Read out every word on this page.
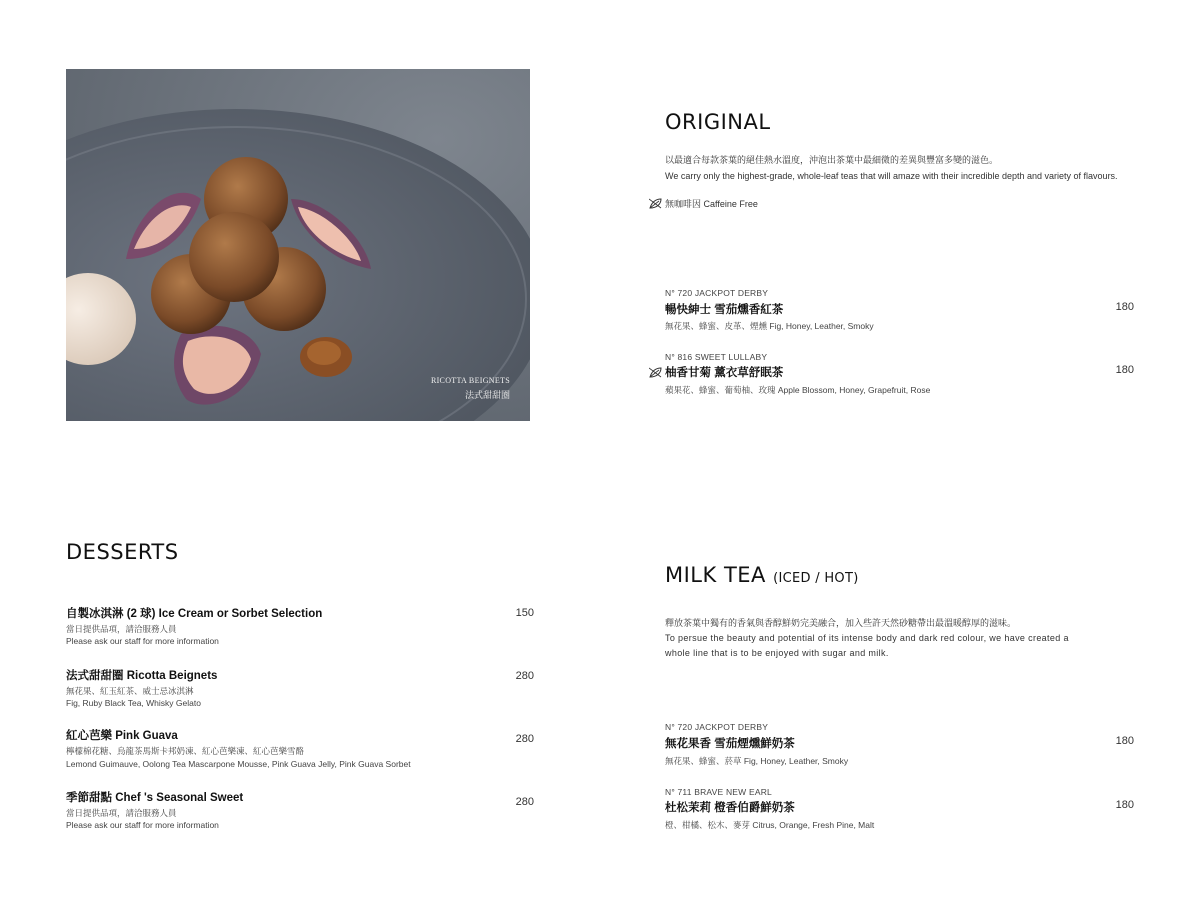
RICOTTA BEIGNETS
法式甜甜圈
ORIGINAL
以最適合每款茶葉的絕佳熱水溫度，沖泡出茶葉中最細微的差異與豐富多變的滋色。
We carry only the highest-grade, whole-leaf teas that will amaze with their incredible depth and variety of flavours.
無咖啡因 Caffeine Free
N° 720 JACKPOT DERBY
暢快紳士 雪茄燻香紅茶
無花果、蜂蜜、皮革、煙燻 Fig, Honey, Leather, Smoky
180
N° 816 SWEET LULLABY
柚香甘菊 薰衣草舒眠茶
蘋果花、蜂蜜、葡萄柚、玫瑰 Apple Blossom, Honey, Grapefruit, Rose
180
DESSERTS
自製冰淇淋 (2 球) Ice Cream or Sorbet Selection
當日提供品項，請洽服務人員
Please ask our staff for more information
150
法式甜甜圈 Ricotta Beignets
無花果、紅玉紅茶、威士忌冰淇淋
Fig, Ruby Black Tea, Whisky Gelato
280
紅心芭樂 Pink Guava
檸檬棉花糖、烏龍茶馬斯卡邦奶凍、紅心芭樂凍、紅心芭樂雪酪
Lemond Guimauve, Oolong Tea Mascarpone Mousse, Pink Guava Jelly, Pink Guava Sorbet
280
季節甜點 Chef 's Seasonal Sweet
當日提供品項，請洽服務人員
Please ask our staff for more information
280
MILK TEA (ICED / HOT)
釋放茶葉中獨有的香氣與香醇鮮奶完美融合，加入些許天然砂糖帶出最溫暖醇厚的滋味。
To persue the beauty and potential of its intense body and dark red colour, we have created a
whole line that is to be enjoyed with sugar and milk.
N° 720 JACKPOT DERBY
無花果香 雪茄煙燻鮮奶茶
無花果、蜂蜜、菸草 Fig, Honey, Leather, Smoky
180
N° 711 BRAVE NEW EARL
杜松茉莉 橙香伯爵鮮奶茶
橙、柑橘、松木、麥芽 Citrus, Orange, Fresh Pine, Malt
180
